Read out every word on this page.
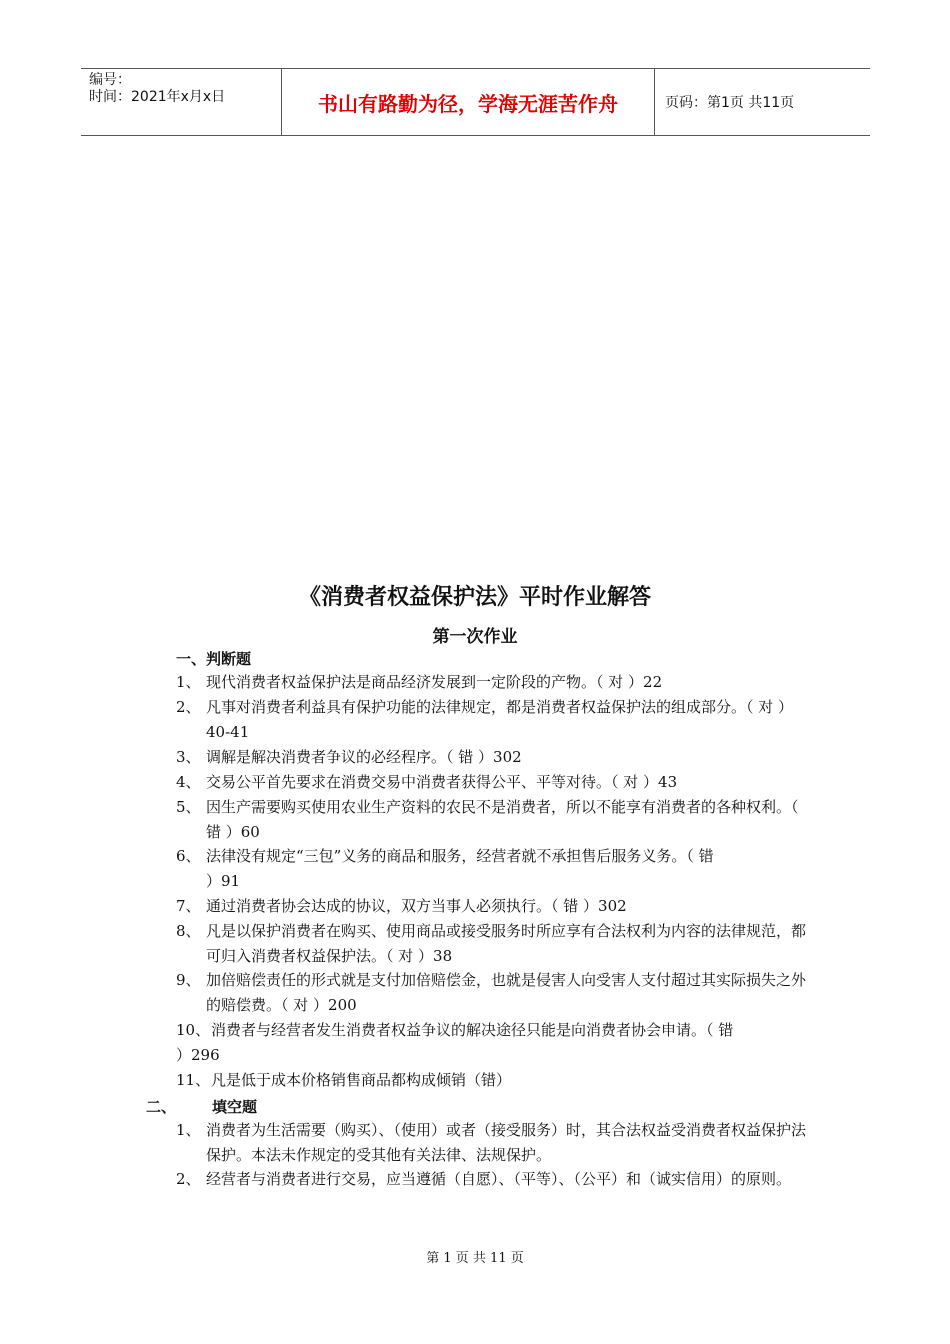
编号：
时间：2021年x月x日	书山有路勤为径，学海无涯苦作舟	页码：第1页 共11页
《消费者权益保护法》平时作业解答
第一次作业
一、判断题
1、 现代消费者权益保护法是商品经济发展到一定阶段的产物。（ 对 ）22
2、 凡事对消费者利益具有保护功能的法律规定，都是消费者权益保护法的组成部分。（ 对 ）40-41
3、 调解是解决消费者争议的必经程序。（ 错 ）302
4、 交易公平首先要求在消费交易中消费者获得公平、平等对待。（ 对 ）43
5、 因生产需要购买使用农业生产资料的农民不是消费者，所以不能享有消费者的各种权利。（ 错 ）60
6、 法律没有规定“三包”义务的商品和服务，经营者就不承担售后服务义务。（ 错
）91
7、 通过消费者协会达成的协议，双方当事人必须执行。（ 错 ）302
8、 凡是以保护消费者在购买、使用商品或接受服务时所应享有合法权利为内容的法律规范，都可归入消费者权益保护法。（ 对 ）38
9、 加倍赔偿责任的形式就是支付加倍赔偿金，也就是侵害人向受害人支付超过其实际损失之外的赔偿费。（ 对 ）200
10、 消费者与经营者发生消费者权益争议的解决途径只能是向消费者协会申请。（ 错
）296
11、 凡是低于成本价格销售商品都构成倾销（错）
二、 填空题
1、 消费者为生活需要（购买）、（使用）或者（接受服务）时，其合法权益受消费者权益保护法保护。本法未作规定的受其他有关法律、法规保护。
2、 经营者与消费者进行交易，应当遵循（自愿）、（平等）、（公平）和（诚实信用）的原则。
第 1 页 共 11 页
